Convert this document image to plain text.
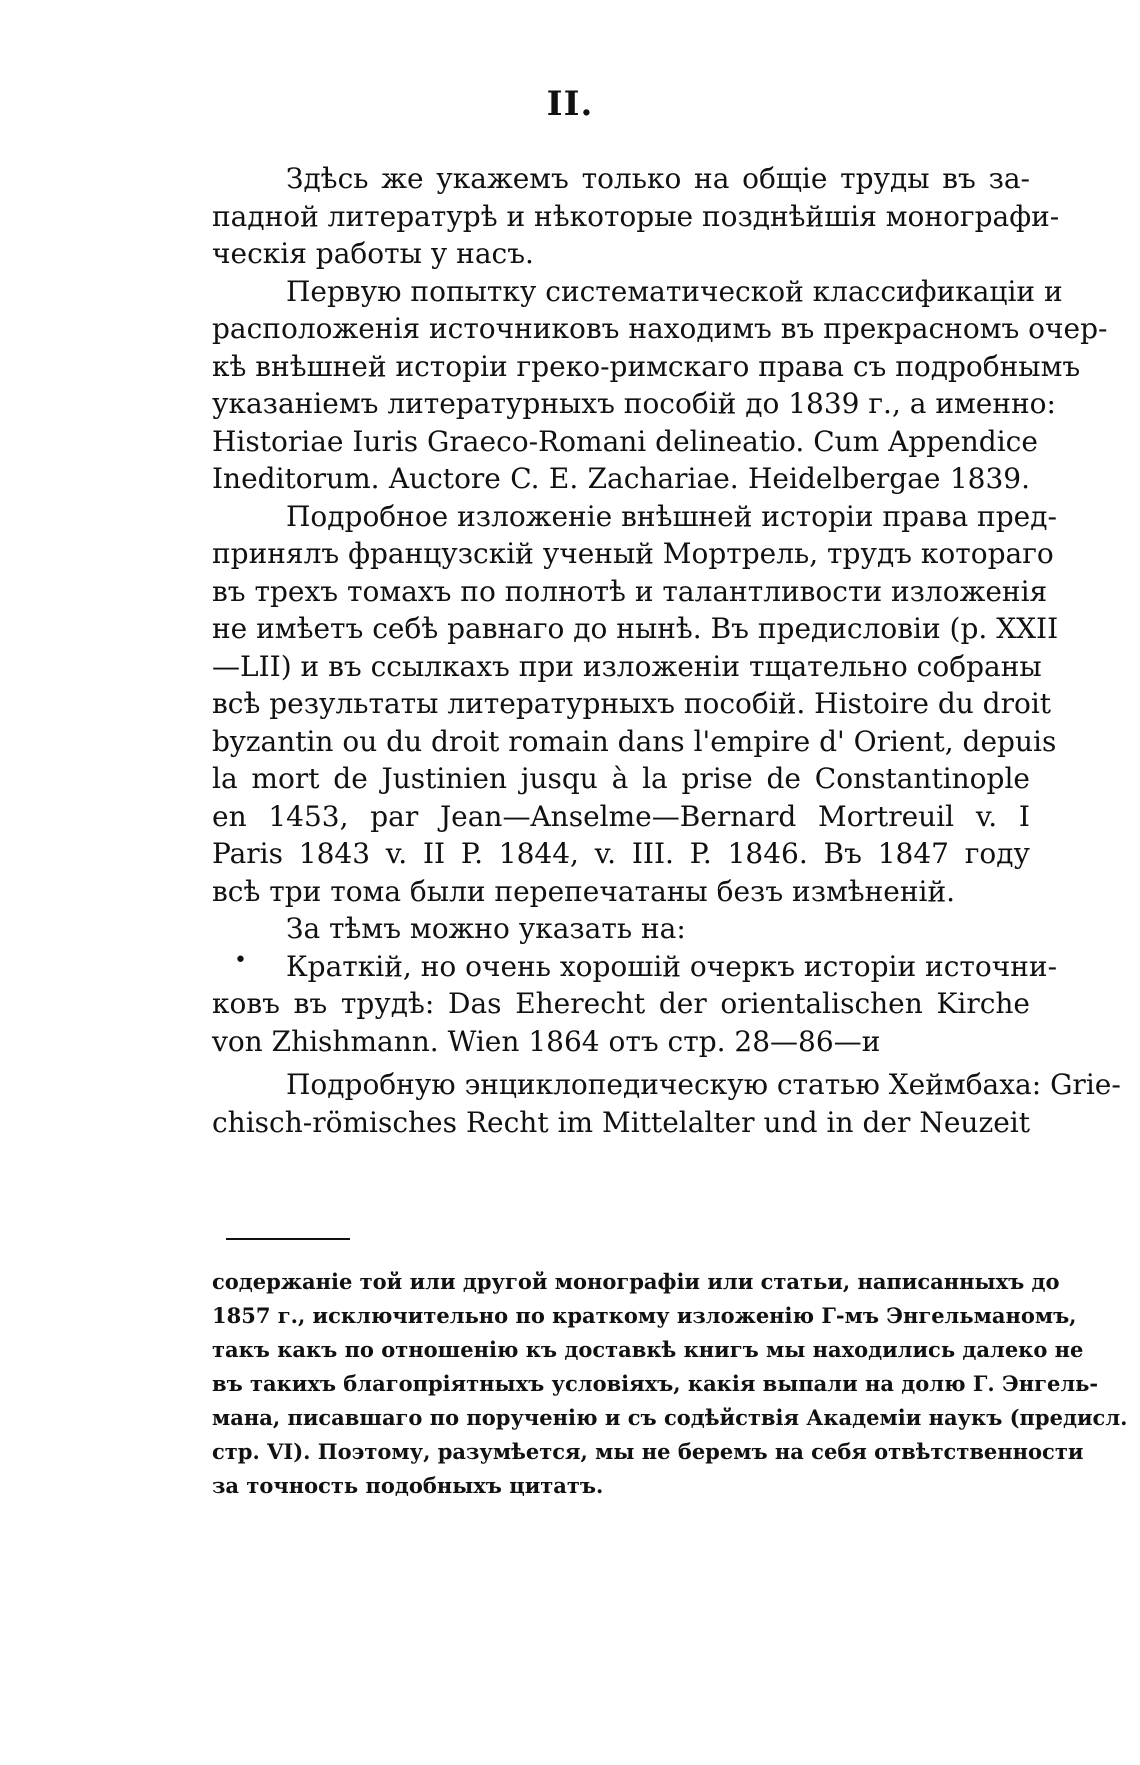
II.
Здѣсь же укажемъ только на общіе труды въ за-
падной литературѣ и нѣкоторые позднѣйшія монографи-
ческія работы у насъ.
Первую попытку систематической классификаціи и
расположенія источниковъ находимъ въ прекрасномъ очер-
кѣ внѣшней исторіи греко-римскаго права съ подробнымъ
указаніемъ литературныхъ пособій до 1839 г., а именно:
Historiae Iuris Graeco-Romani delineatio. Cum Appendice
Ineditorum. Auctore C. E. Zachariae. Heidelbergae 1839.
Подробное изложеніе внѣшней исторіи права пред-
принялъ французскій ученый Мортрель, трудъ котораго
въ трехъ томахъ по полнотѣ и талантливости изложенія
не имѣетъ себѣ равнаго до нынѣ. Въ предисловіи (p. XXII
—LII) и въ ссылкахъ при изложеніи тщательно собраны
всѣ результаты литературныхъ пособій. Histoire du droit
byzantin ou du droit romain dans l'empire d' Orient, depuis
la mort de Justinien jusqu à la prise de Constantinople
en 1453, par Jean—Anselme—Bernard Mortreuil v. I
Paris 1843 v. II P. 1844, v. III. P. 1846. Въ 1847 году
всѣ три тома были перепечатаны безъ измѣненій.
За тѣмъ можно указать на:
•	Краткій, но очень хорошій очеркъ исторіи источни-
ковъ въ трудѣ: Das Eherecht der orientalischen Kirche
von Zhishmann. Wien 1864 отъ стр. 28—86—и
Подробную энциклопедическую статью Хеймбаха: Grie-
chisch-römisches Recht im Mittelalter und in der Neuzeit
содержаніе той или другой монографіи или статьи, написанныхъ до
1857 г., исключительно по краткому изложенію Г-мъ Энгельманомъ,
такъ какъ по отношенію къ доставкѣ книгъ мы находились далеко не
въ такихъ благопріятныхъ условіяхъ, какія выпали на долю Г. Энгель-
мана, писавшаго по порученію и съ содѣйствія Академіи наукъ (предисл.
стр. VI). Поэтому, разумѣется, мы не беремъ на себя отвѣтственности
за точность подобныхъ цитатъ.
